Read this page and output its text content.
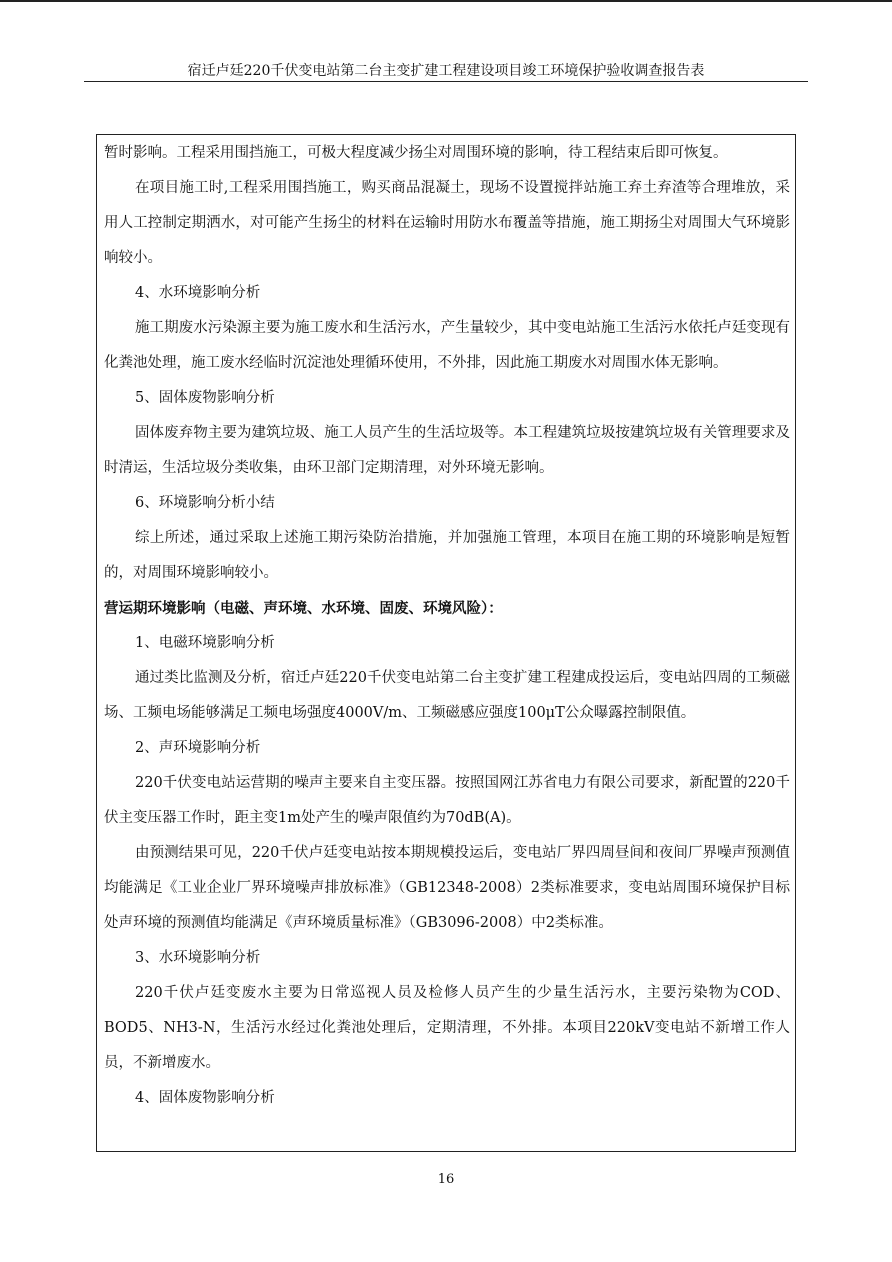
宿迁卢廷220千伏变电站第二台主变扩建工程建设项目竣工环境保护验收调查报告表

暂时影响。工程采用围挡施工，可极大程度减少扬尘对周围环境的影响，待工程结束后即可恢复。

在项目施工时,工程采用围挡施工，购买商品混凝土，现场不设置搅拌站施工弃土弃渣等合理堆放，采用人工控制定期洒水，对可能产生扬尘的材料在运输时用防水布覆盖等措施，施工期扬尘对周围大气环境影响较小。

4、水环境影响分析

施工期废水污染源主要为施工废水和生活污水，产生量较少，其中变电站施工生活污水依托卢廷变现有化粪池处理，施工废水经临时沉淀池处理循环使用，不外排，因此施工期废水对周围水体无影响。

5、固体废物影响分析

固体废弃物主要为建筑垃圾、施工人员产生的生活垃圾等。本工程建筑垃圾按建筑垃圾有关管理要求及时清运，生活垃圾分类收集，由环卫部门定期清理，对外环境无影响。

6、环境影响分析小结

综上所述，通过采取上述施工期污染防治措施，并加强施工管理，本项目在施工期的环境影响是短暂的，对周围环境影响较小。

营运期环境影响（电磁、声环境、水环境、固废、环境风险）：

1、电磁环境影响分析

通过类比监测及分析，宿迁卢廷220千伏变电站第二台主变扩建工程建成投运后，变电站四周的工频磁场、工频电场能够满足工频电场强度4000V/m、工频磁感应强度100μT公众曝露控制限值。

2、声环境影响分析

220千伏变电站运营期的噪声主要来自主变压器。按照国网江苏省电力有限公司要求，新配置的220千伏主变压器工作时，距主变1m处产生的噪声限值约为70dB(A)。

由预测结果可见，220千伏卢廷变电站按本期规模投运后，变电站厂界四周昼间和夜间厂界噪声预测值均能满足《工业企业厂界环境噪声排放标准》（GB12348-2008）2类标准要求，变电站周围环境保护目标处声环境的预测值均能满足《声环境质量标准》（GB3096-2008）中2类标准。

3、水环境影响分析

220千伏卢廷变废水主要为日常巡视人员及检修人员产生的少量生活污水，主要污染物为COD、BOD5、NH3-N，生活污水经过化粪池处理后，定期清理，不外排。本项目220kV变电站不新增工作人员，不新增废水。

4、固体废物影响分析

16
